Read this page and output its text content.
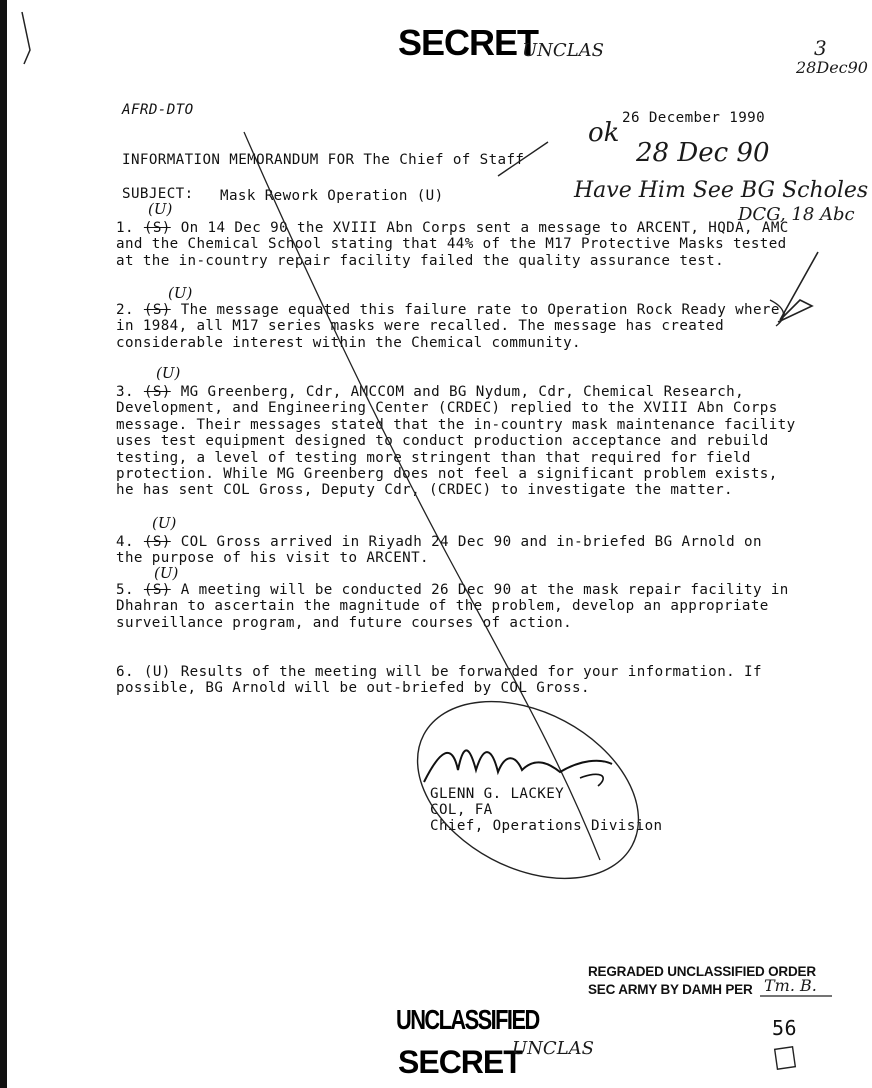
SECRET
UNCLAS	3
28Dec90
AFRD-DTO	26 December 1990
INFORMATION MEMORANDUM FOR The Chief of Staff
SUBJECT: Mask Rework Operation (U)
ok
28 Dec 90
Have Him See BG Scholes
DCG, 18 Abc
(U)
1. (S) On 14 Dec 90 the XVIII Abn Corps sent a message to ARCENT, HQDA, AMC and the Chemical School stating that 44% of the M17 Protective Masks tested at the in-country repair facility failed the quality assurance test.
(U)
2. (S) The message equated this failure rate to Operation Rock Ready where, in 1984, all M17 series masks were recalled. The message has created considerable interest within the Chemical community.
(U)
3. (S) MG Greenberg, Cdr, AMCCOM and BG Nydum, Cdr, Chemical Research, Development, and Engineering Center (CRDEC) replied to the XVIII Abn Corps message. Their messages stated that the in-country mask maintenance facility uses test equipment designed to conduct production acceptance and rebuild testing, a level of testing more stringent than that required for field protection. While MG Greenberg does not feel a significant problem exists, he has sent COL Gross, Deputy Cdr, (CRDEC) to investigate the matter.
(U)
4. (S) COL Gross arrived in Riyadh 24 Dec 90 and in-briefed BG Arnold on the purpose of his visit to ARCENT.
(U)
5. (S) A meeting will be conducted 26 Dec 90 at the mask repair facility in Dhahran to ascertain the magnitude of the problem, develop an appropriate surveillance program, and future courses of action.
6. (U) Results of the meeting will be forwarded for your information. If possible, BG Arnold will be out-briefed by COL Gross.
GLENN G. LACKEY
COL, FA
Chief, Operations Division
REGRADED UNCLASSIFIED ORDER
SEC ARMY BY DAMH PER Tm. B.
UNCLASSIFIED	56
SECRET
UNCLAS
